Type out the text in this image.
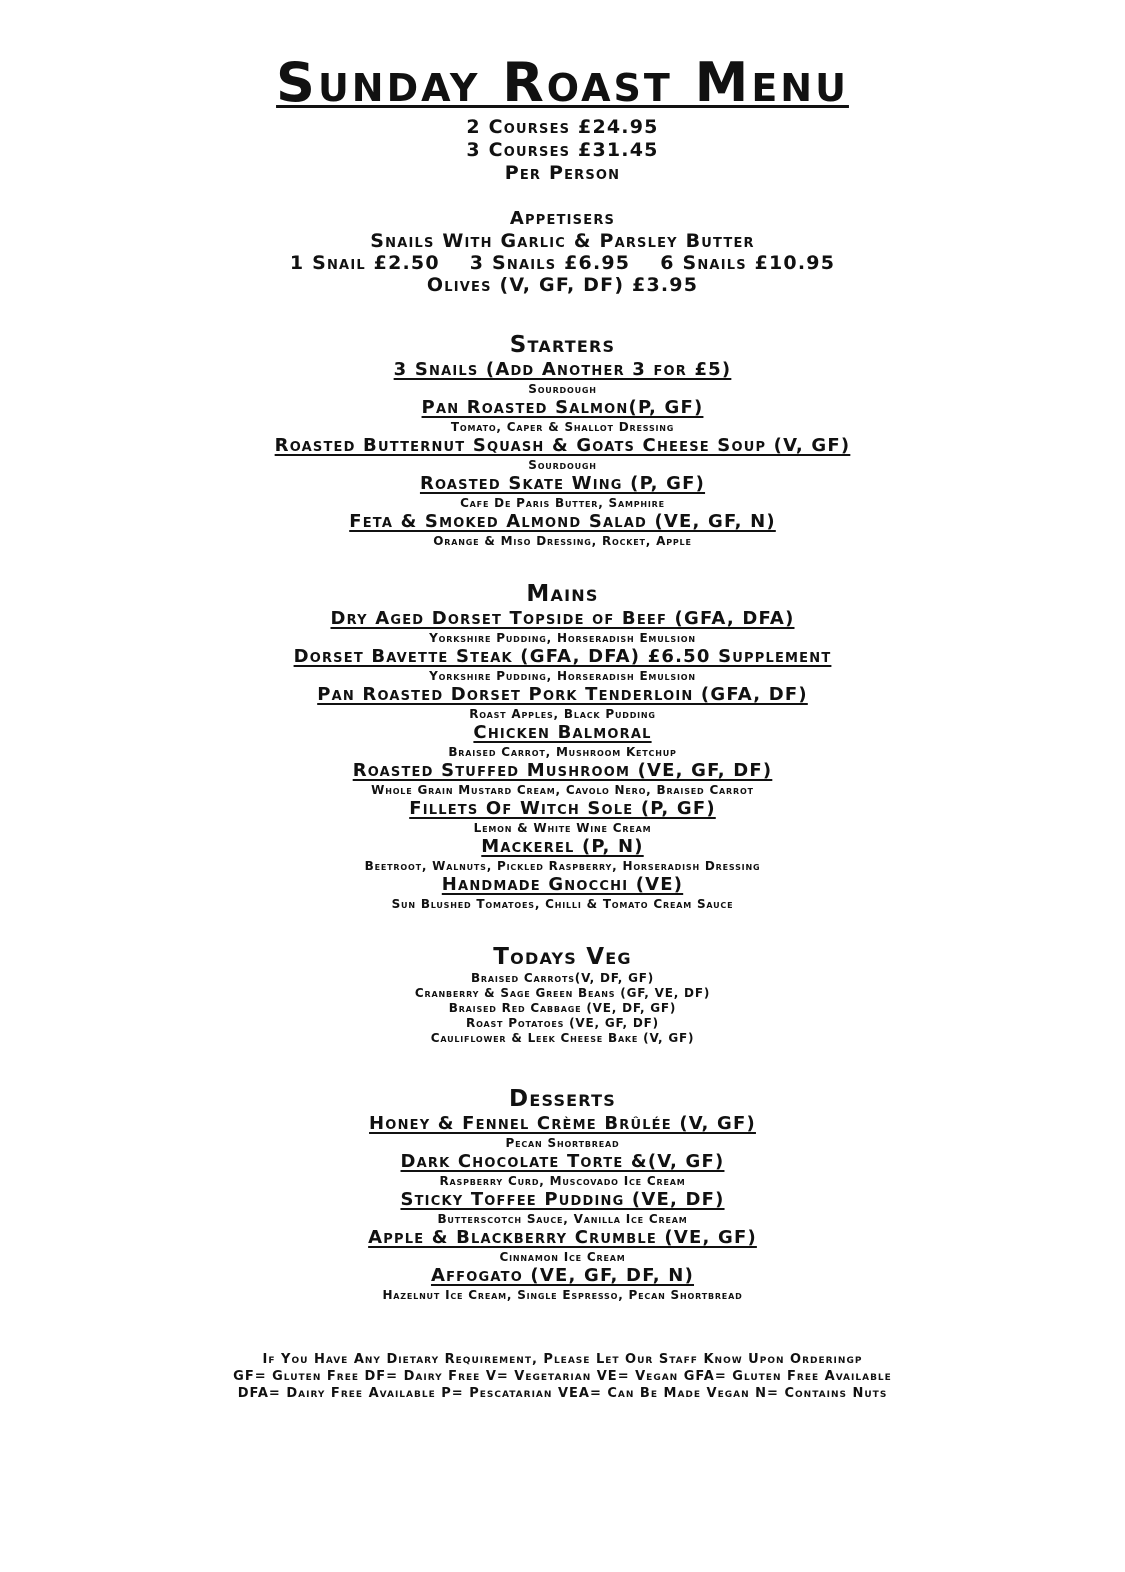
Sunday Roast Menu
2 Courses £24.95
3 Courses £31.45
Per Person
Appetisers
Snails With Garlic & Parsley Butter
1 Snail £2.50 3 Snails £6.95 6 Snails £10.95
Olives (V, GF, DF) £3.95
Starters
3 Snails (Add Another 3 for £5)
Sourdough
Pan Roasted Salmon(P, GF)
Tomato, Caper & Shallot Dressing
Roasted Butternut Squash & Goats Cheese Soup (V, GF)
Sourdough
Roasted Skate Wing (P, GF)
Cafe De Paris Butter, Samphire
Feta & Smoked Almond Salad (VE, GF, N)
Orange & Miso Dressing, Rocket, Apple
Mains
Dry Aged Dorset Topside of Beef (GFA, DFA)
Yorkshire Pudding, Horseradish Emulsion
Dorset Bavette Steak (GFA, DFA) £6.50 Supplement
Yorkshire Pudding, Horseradish Emulsion
Pan Roasted Dorset Pork Tenderloin (GFA, DF)
Roast Apples, Black Pudding
Chicken Balmoral
Braised Carrot, Mushroom Ketchup
Roasted Stuffed Mushroom (VE, GF, DF)
Whole Grain Mustard Cream, Cavolo Nero, Braised Carrot
Fillets Of Witch Sole (P, GF)
Lemon & White Wine Cream
Mackerel (P, N)
Beetroot, Walnuts, Pickled Raspberry, Horseradish Dressing
Handmade Gnocchi (VE)
Sun Blushed Tomatoes, Chilli & Tomato Cream Sauce
Todays Veg
Braised Carrots(V, DF, GF)
Cranberry & Sage Green Beans (GF, VE, DF)
Braised Red Cabbage (VE, DF, GF)
Roast Potatoes (VE, GF, DF)
Cauliflower & Leek Cheese Bake (V, GF)
Desserts
Honey & Fennel Crème Brûlée (V, GF)
Pecan Shortbread
Dark Chocolate Torte &(V, GF)
Raspberry Curd, Muscovado Ice Cream
Sticky Toffee Pudding (VE, DF)
Butterscotch Sauce, Vanilla Ice Cream
Apple & Blackberry Crumble (VE, GF)
Cinnamon Ice Cream
Affogato (VE, GF, DF, N)
Hazelnut Ice Cream, Single Espresso, Pecan Shortbread
If You Have Any Dietary Requirement, Please Let Our Staff Know Upon Orderingp
GF= Gluten Free DF= Dairy Free V= Vegetarian VE= Vegan GFA= Gluten Free Available
DFA= Dairy Free Available P= Pescatarian VEA= Can Be Made Vegan N= Contains Nuts
